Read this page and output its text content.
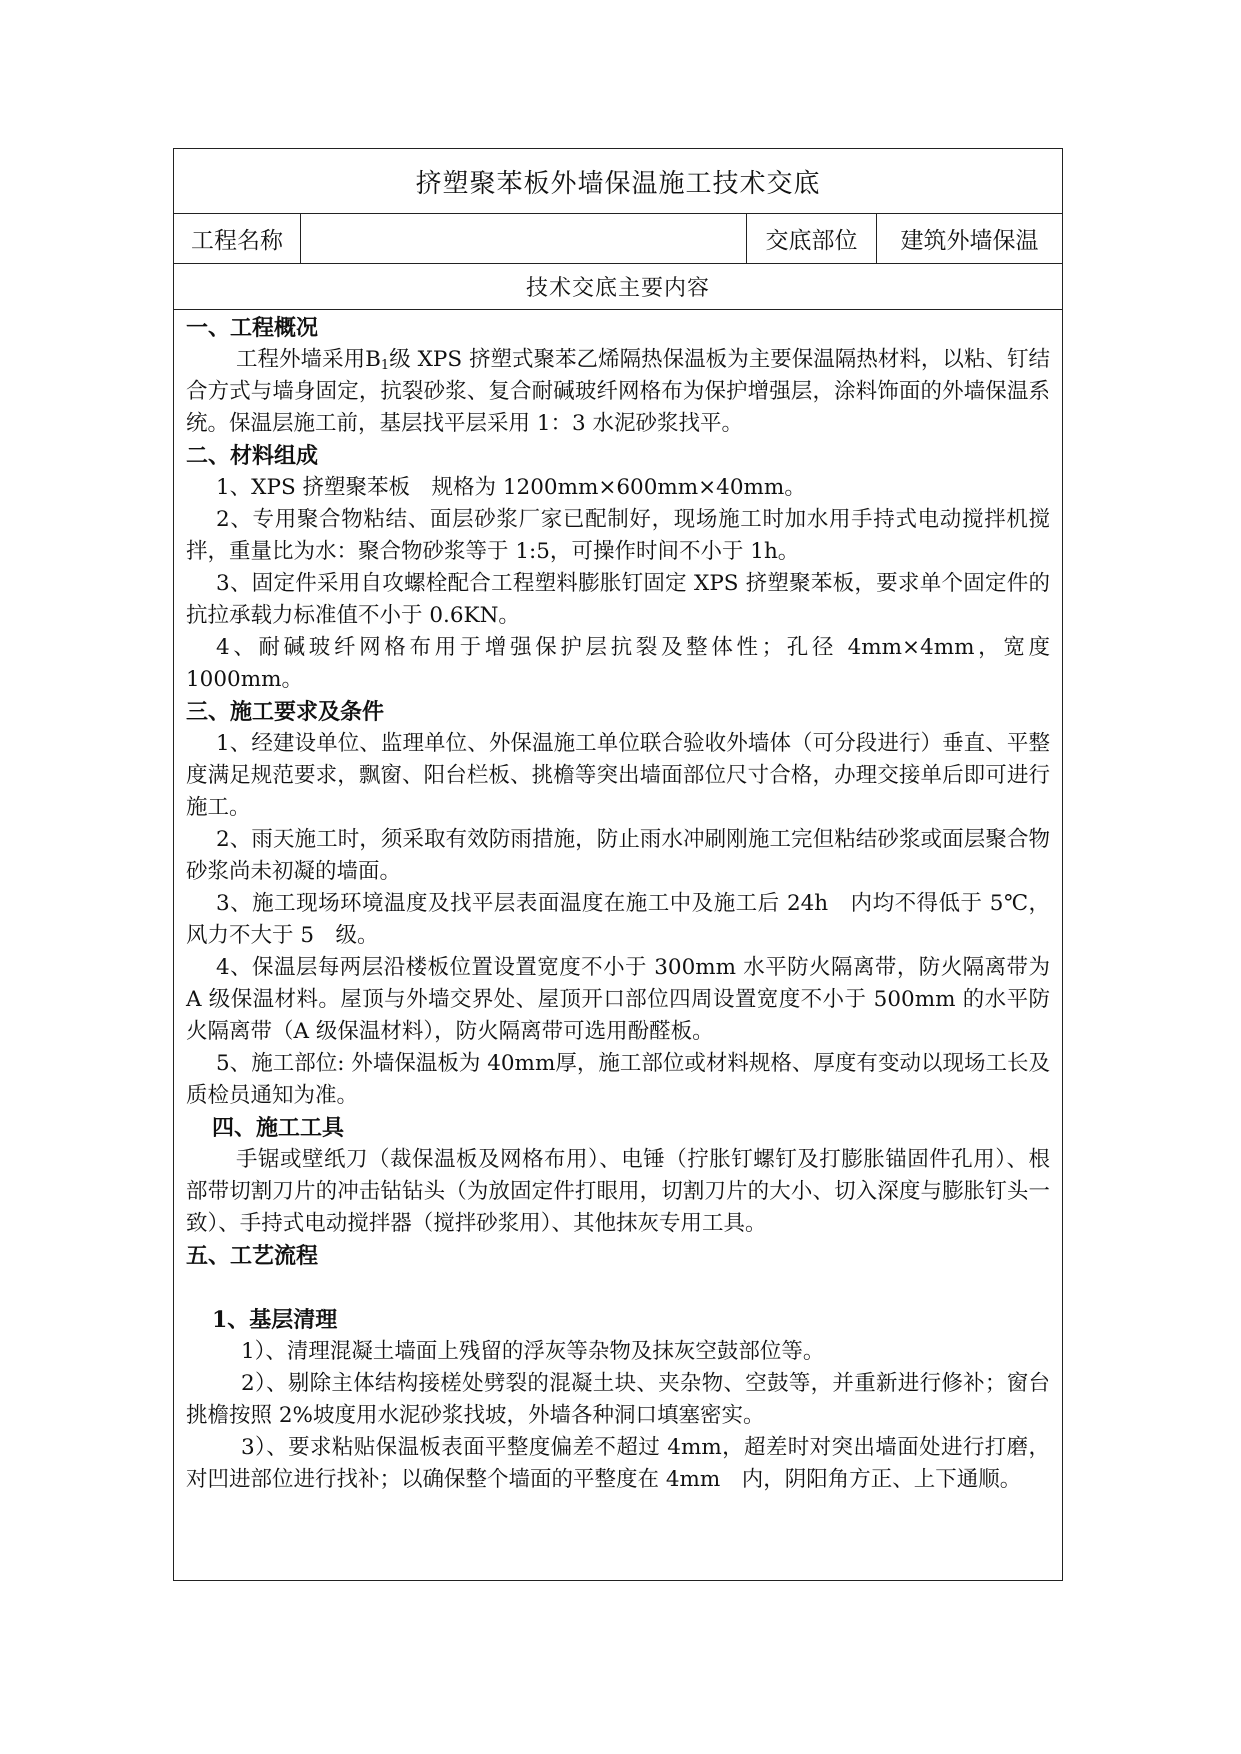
挤塑聚苯板外墙保温施工技术交底
工程名称	交底部位	建筑外墙保温
技术交底主要内容

一、工程概况

工程外墙采用$B_1$级 XPS 挤塑式聚苯乙烯隔热保温板为主要保温隔热材料，以粘、钉结合方式与墙身固定，抗裂砂浆、复合耐碱玻纤网格布为保护增强层，涂料饰面的外墙保温系统。保温层施工前，基层找平层采用 1：3 水泥砂浆找平。

二、材料组成

1、XPS 挤塑聚苯板　规格为 1200mm×600mm×40mm。

2、专用聚合物粘结、面层砂浆厂家已配制好，现场施工时加水用手持式电动搅拌机搅拌，重量比为水：聚合物砂浆等于 1:5，可操作时间不小于 1h。

3、固定件采用自攻螺栓配合工程塑料膨胀钉固定 XPS 挤塑聚苯板，要求单个固定件的抗拉承载力标准值不小于 0.6KN。

4、耐碱玻纤网格布用于增强保护层抗裂及整体性；孔径 4mm×4mm，宽度 1000mm。

三、施工要求及条件

1、经建设单位、监理单位、外保温施工单位联合验收外墙体（可分段进行）垂直、平整度满足规范要求，飘窗、阳台栏板、挑檐等突出墙面部位尺寸合格，办理交接单后即可进行施工。

2、雨天施工时，须采取有效防雨措施，防止雨水冲刷刚施工完但粘结砂浆或面层聚合物砂浆尚未初凝的墙面。

3、施工现场环境温度及找平层表面温度在施工中及施工后 24h　内均不得低于 5℃，风力不大于 5　级。

4、保温层每两层沿楼板位置设置宽度不小于 300mm 水平防火隔离带，防火隔离带为 A 级保温材料。屋顶与外墙交界处、屋顶开口部位四周设置宽度不小于 500mm 的水平防火隔离带（A 级保温材料），防火隔离带可选用酚醛板。

5、施工部位: 外墙保温板为 40mm厚，施工部位或材料规格、厚度有变动以现场工长及质检员通知为准。

四、施工工具

手锯或壁纸刀（裁保温板及网格布用）、电锤（拧胀钉螺钉及打膨胀锚固件孔用）、根部带切割刀片的冲击钻钻头（为放固定件打眼用，切割刀片的大小、切入深度与膨胀钉头一致）、手持式电动搅拌器（搅拌砂浆用）、其他抹灰专用工具。

五、工艺流程

1、基层清理

1）、清理混凝土墙面上残留的浮灰等杂物及抹灰空鼓部位等。

2）、剔除主体结构接槎处劈裂的混凝土块、夹杂物、空鼓等，并重新进行修补；窗台挑檐按照 2%坡度用水泥砂浆找坡，外墙各种洞口填塞密实。

3）、要求粘贴保温板表面平整度偏差不超过 4mm，超差时对突出墙面处进行打磨，对凹进部位进行找补；以确保整个墙面的平整度在 4mm　内，阴阳角方正、上下通顺。
